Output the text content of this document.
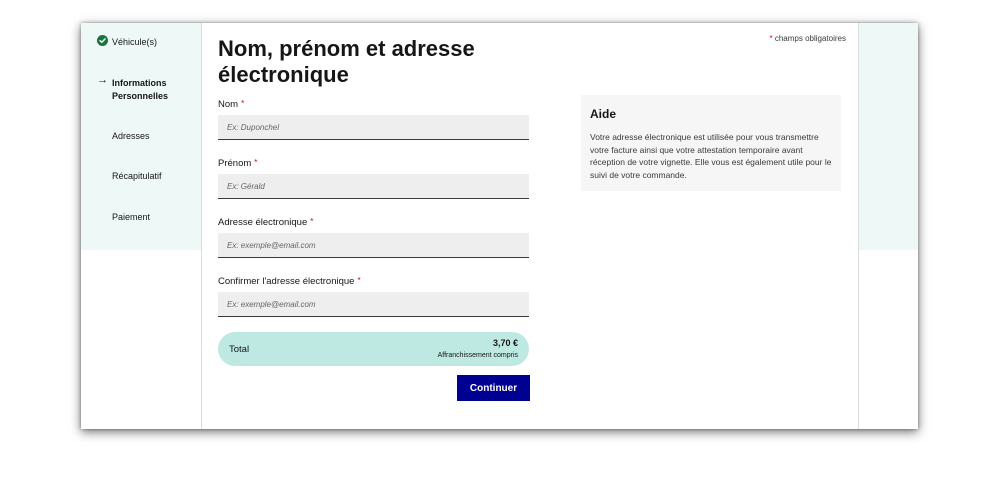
Véhicule(s)
→ Informations Personnelles
Adresses
Récapitulatif
Paiement
Nom, prénom et adresse électronique
* champs obligatoires
Nom *
Ex: Duponchel
Prénom *
Ex: Gérald
Adresse électronique *
Ex: exemple@email.com
Confirmer l'adresse électronique *
Ex: exemple@email.com
Total
3,70 €
Affranchissement compris
Continuer
Aide
Votre adresse électronique est utilisée pour vous transmettre votre facture ainsi que votre attestation temporaire avant réception de votre vignette. Elle vous est également utile pour le suivi de votre commande.
